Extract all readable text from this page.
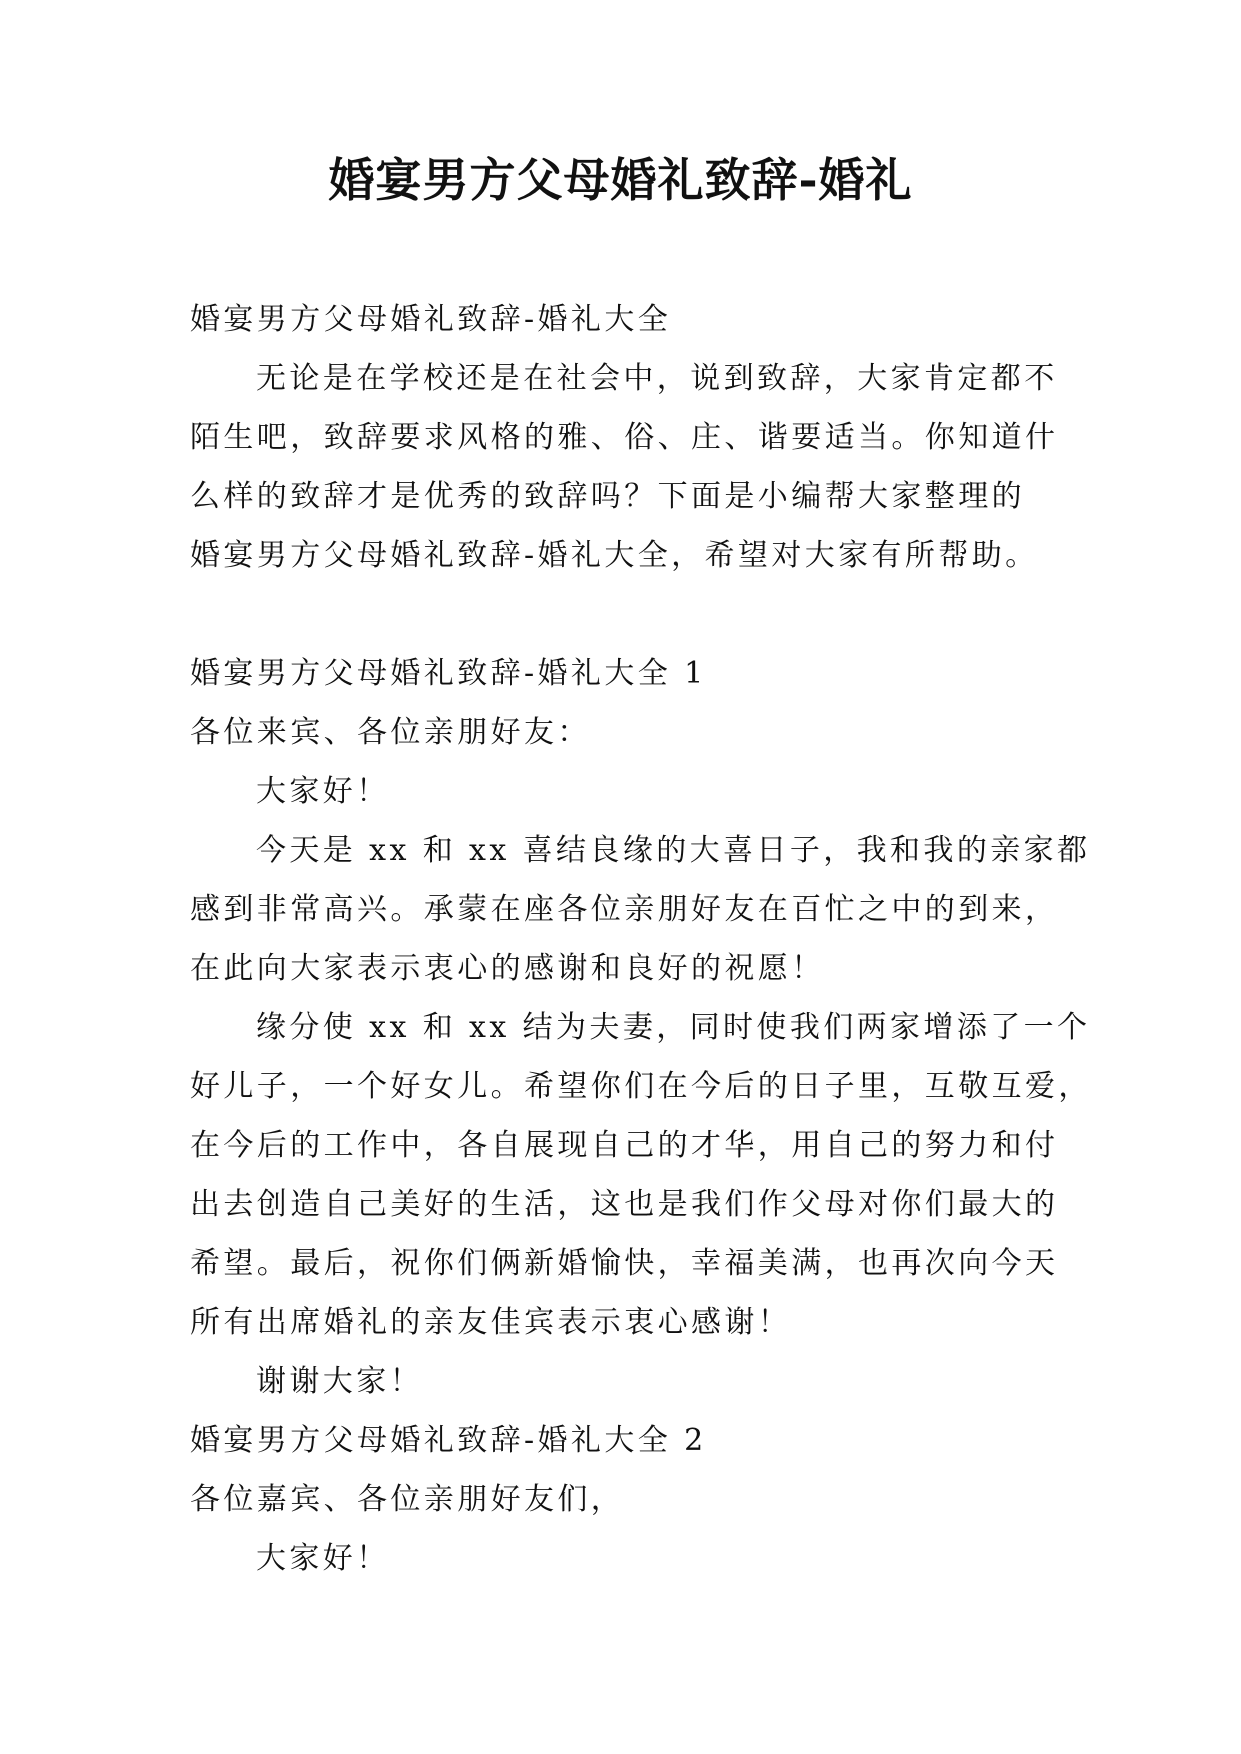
婚宴男方父母婚礼致辞-婚礼
婚宴男方父母婚礼致辞-婚礼大全
无论是在学校还是在社会中，说到致辞，大家肯定都不
陌生吧，致辞要求风格的雅、俗、庄、谐要适当。你知道什
么样的致辞才是优秀的致辞吗？下面是小编帮大家整理的
婚宴男方父母婚礼致辞-婚礼大全，希望对大家有所帮助。
婚宴男方父母婚礼致辞-婚礼大全 1
各位来宾、各位亲朋好友：
大家好！
今天是 xx 和 xx 喜结良缘的大喜日子，我和我的亲家都
感到非常高兴。承蒙在座各位亲朋好友在百忙之中的到来，
在此向大家表示衷心的感谢和良好的祝愿！
缘分使 xx 和 xx 结为夫妻，同时使我们两家增添了一个
好儿子，一个好女儿。希望你们在今后的日子里，互敬互爱，
在今后的工作中，各自展现自己的才华，用自己的努力和付
出去创造自己美好的生活，这也是我们作父母对你们最大的
希望。最后，祝你们俩新婚愉快，幸福美满，也再次向今天
所有出席婚礼的亲友佳宾表示衷心感谢！
谢谢大家！
婚宴男方父母婚礼致辞-婚礼大全 2
各位嘉宾、各位亲朋好友们，
大家好！
